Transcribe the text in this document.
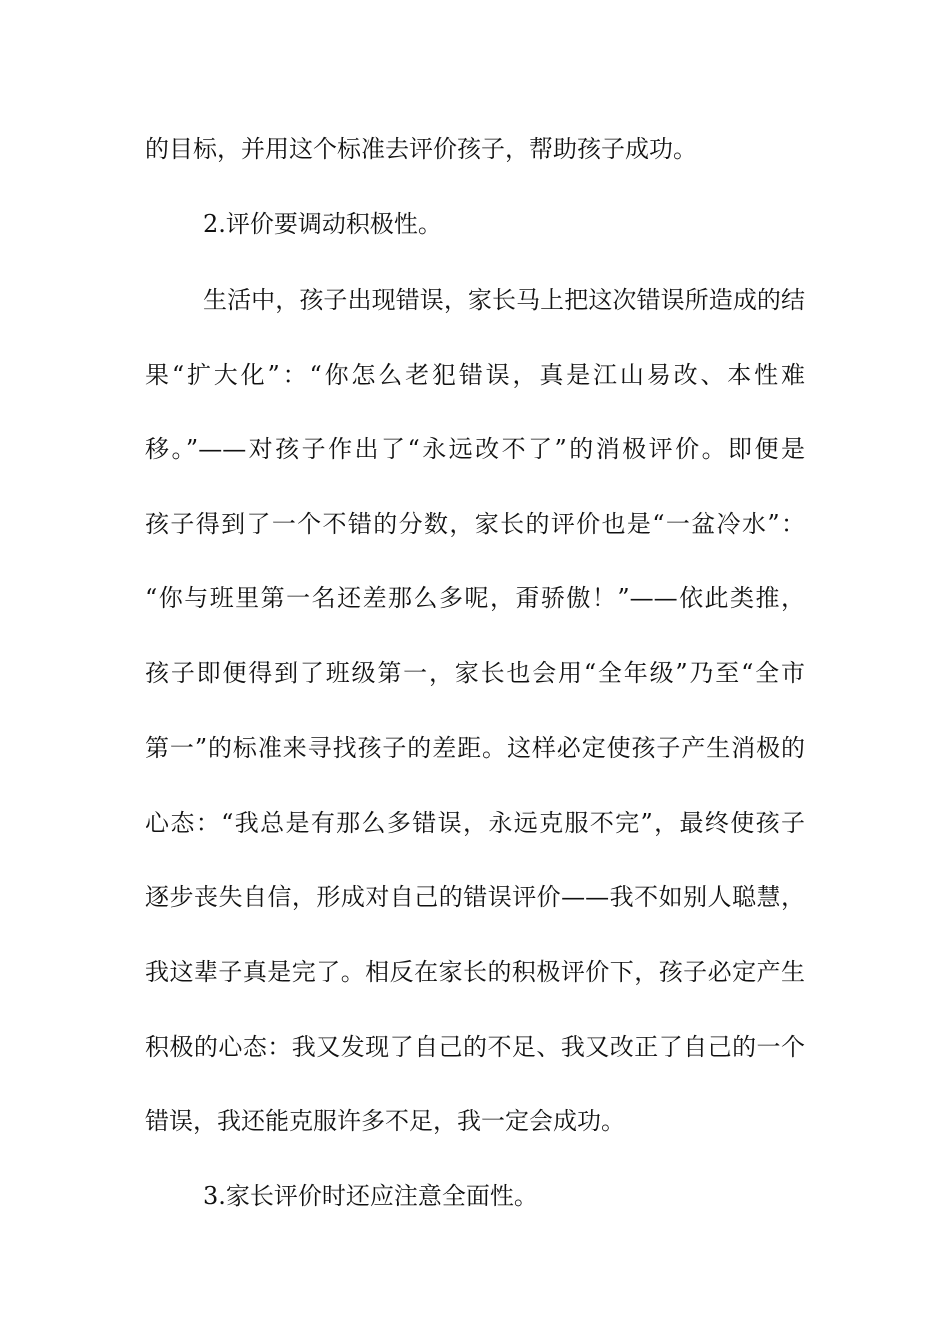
的目标，并用这个标准去评价孩子，帮助孩子成功。
2.评价要调动积极性。
生活中，孩子出现错误，家长马上把这次错误所造成的结
果“扩大化”：“你怎么老犯错误，真是江山易改、本性难
移。”——对孩子作出了“永远改不了”的消极评价。即便是
孩子得到了一个不错的分数，家长的评价也是“一盆冷水”：
“你与班里第一名还差那么多呢，甭骄傲！”——依此类推，
孩子即便得到了班级第一，家长也会用“全年级”乃至“全市
第一”的标准来寻找孩子的差距。这样必定使孩子产生消极的
心态：“我总是有那么多错误，永远克服不完”，最终使孩子
逐步丧失自信，形成对自己的错误评价——我不如别人聪慧，
我这辈子真是完了。相反在家长的积极评价下，孩子必定产生
积极的心态：我又发现了自己的不足、我又改正了自己的一个
错误，我还能克服许多不足，我一定会成功。
3.家长评价时还应注意全面性。
